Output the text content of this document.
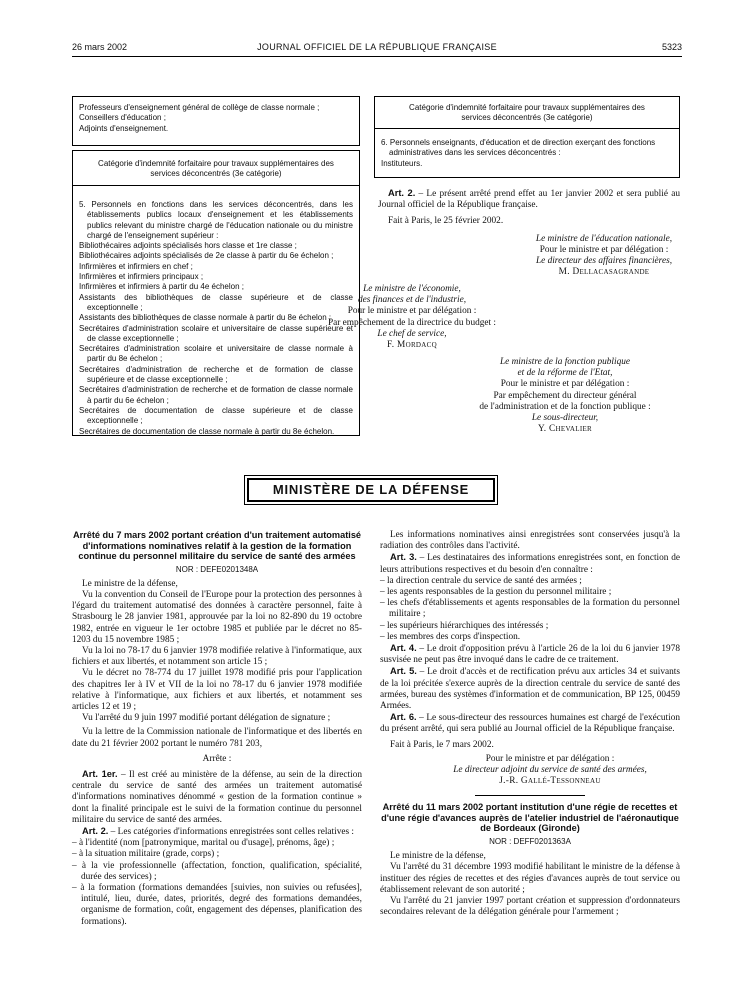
26 mars 2002	JOURNAL OFFICIEL DE LA RÉPUBLIQUE FRANÇAISE	5323
Professeurs d'enseignement général de collège de classe normale ;
Conseillers d'éducation ;
Adjoints d'enseignement.
Catégorie d'indemnité forfaitaire pour travaux supplémentaires des services déconcentrés (3e catégorie)
5. Personnels en fonctions dans les services déconcentrés, dans les établissements publics locaux d'enseignement et les établissements publics relevant du ministre chargé de l'éducation nationale ou du ministre chargé de l'enseignement supérieur :
Bibliothécaires adjoints spécialisés hors classe et 1re classe ;
Bibliothécaires adjoints spécialisés de 2e classe à partir du 6e échelon ;
Infirmières et infirmiers en chef ;
Infirmières et infirmiers principaux ;
Infirmières et infirmiers à partir du 4e échelon ;
Assistants des bibliothèques de classe supérieure et de classe exceptionnelle ;
Assistants des bibliothèques de classe normale à partir du 8e échelon ;
Secrétaires d'administration scolaire et universitaire de classe supérieure et de classe exceptionnelle ;
Secrétaires d'administration scolaire et universitaire de classe normale à partir du 8e échelon ;
Secrétaires d'administration de recherche et de formation de classe supérieure et de classe exceptionnelle ;
Secrétaires d'administration de recherche et de formation de classe normale à partir du 6e échelon ;
Secrétaires de documentation de classe supérieure et de classe exceptionnelle ;
Secrétaires de documentation de classe normale à partir du 8e échelon.
Catégorie d'indemnité forfaitaire pour travaux supplémentaires des services déconcentrés (3e catégorie)
6. Personnels enseignants, d'éducation et de direction exerçant des fonctions administratives dans les services déconcentrés :
Instituteurs.

Art. 2. – Le présent arrêté prend effet au 1er janvier 2002 et sera publié au Journal officiel de la République française.

Fait à Paris, le 25 février 2002.

Le ministre de l'éducation nationale,
Pour le ministre et par délégation :
Le directeur des affaires financières,
M. Dellacasagrande
Le ministre de l'économie,
des finances et de l'industrie,
Pour le ministre et par délégation :
Par empêchement de la directrice du budget :
Le chef de service,
F. Mordacq
Le ministre de la fonction publique
et de la réforme de l'Etat,
Pour le ministre et par délégation :
Par empêchement du directeur général
de l'administration et de la fonction publique :
Le sous-directeur,
Y. Chevalier
MINISTÈRE DE LA DÉFENSE
Arrêté du 7 mars 2002 portant création d'un traitement automatisé d'informations nominatives relatif à la gestion de la formation continue du personnel militaire du service de santé des armées
NOR : DEFE0201348A

Le ministre de la défense,

Vu la convention du Conseil de l'Europe pour la protection des personnes à l'égard du traitement automatisé des données à caractère personnel, faite à Strasbourg le 28 janvier 1981, approuvée par la loi no 82-890 du 19 octobre 1982, entrée en vigueur le 1er octobre 1985 et publiée par le décret no 85-1203 du 15 novembre 1985 ;

Vu la loi no 78-17 du 6 janvier 1978 modifiée relative à l'informatique, aux fichiers et aux libertés, et notamment son article 15 ;

Vu le décret no 78-774 du 17 juillet 1978 modifié pris pour l'application des chapitres Ier à IV et VII de la loi no 78-17 du 6 janvier 1978 modifiée relative à l'informatique, aux fichiers et aux libertés, et notamment ses articles 12 et 19 ;

Vu l'arrêté du 9 juin 1997 modifié portant délégation de signature ;

Vu la lettre de la Commission nationale de l'informatique et des libertés en date du 21 février 2002 portant le numéro 781 203,

Arrête :

Art. 1er. – Il est créé au ministère de la défense, au sein de la direction centrale du service de santé des armées un traitement automatisé d'informations nominatives dénommé « gestion de la formation continue » dont la finalité principale est le suivi de la formation continue du personnel militaire du service de santé des armées.

Art. 2. – Les catégories d'informations enregistrées sont celles relatives :

– à l'identité (nom [patronymique, marital ou d'usage], prénoms, âge) ;
– à la situation militaire (grade, corps) ;
– à la vie professionnelle (affectation, fonction, qualification, spécialité, durée des services) ;
– à la formation (formations demandées [suivies, non suivies ou refusées], intitulé, lieu, durée, dates, priorités, degré des formations demandées, organisme de formation, coût, engagement des dépenses, planification des formations).

Les informations nominatives ainsi enregistrées sont conservées jusqu'à la radiation des contrôles dans l'activité.

Art. 3. – Les destinataires des informations enregistrées sont, en fonction de leurs attributions respectives et du besoin d'en connaître :

– la direction centrale du service de santé des armées ;
– les agents responsables de la gestion du personnel militaire ;
– les chefs d'établissements et agents responsables de la formation du personnel militaire ;
– les supérieurs hiérarchiques des intéressés ;
– les membres des corps d'inspection.

Art. 4. – Le droit d'opposition prévu à l'article 26 de la loi du 6 janvier 1978 susvisée ne peut pas être invoqué dans le cadre de ce traitement.

Art. 5. – Le droit d'accès et de rectification prévu aux articles 34 et suivants de la loi précitée s'exerce auprès de la direction centrale du service de santé des armées, bureau des systèmes d'information et de communication, BP 125, 00459 Armées.

Art. 6. – Le sous-directeur des ressources humaines est chargé de l'exécution du présent arrêté, qui sera publié au Journal officiel de la République française.

Fait à Paris, le 7 mars 2002.

Pour le ministre et par délégation :
Le directeur adjoint du service de santé des armées,
J.-R. Gallé-Tessonneau
Arrêté du 11 mars 2002 portant institution d'une régie de recettes et d'une régie d'avances auprès de l'atelier industriel de l'aéronautique de Bordeaux (Gironde)
NOR : DEFF0201363A

Le ministre de la défense,

Vu l'arrêté du 31 décembre 1993 modifié habilitant le ministre de la défense à instituer des régies de recettes et des régies d'avances auprès de tout service ou établissement relevant de son autorité ;

Vu l'arrêté du 21 janvier 1997 portant création et suppression d'ordonnateurs secondaires relevant de la délégation générale pour l'armement ;
